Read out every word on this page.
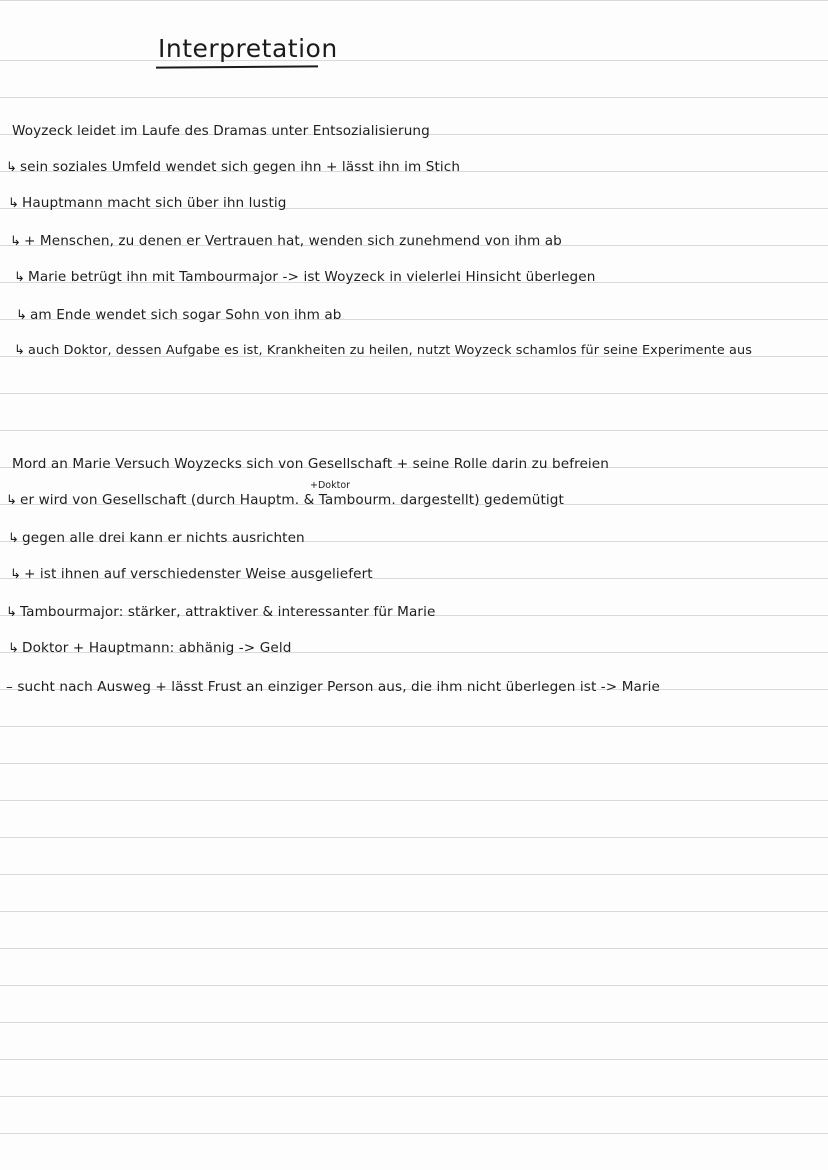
Interpretation
Woyzeck leidet im Laufe des Dramas unter Entsozialisierung
↳ sein soziales Umfeld wendet sich gegen ihn + lässt ihn im Stich
↳ Hauptmann macht sich über ihn lustig
↳ + Menschen, zu denen er Vertrauen hat, wenden sich zunehmend von ihm ab
↳ Marie betrügt ihn mit Tambourmajor -> ist Woyzeck in vielerlei Hinsicht überlegen
↳ am Ende wendet sich sogar Sohn von ihm ab
↳ auch Doktor, dessen Aufgabe es ist, Krankheiten zu heilen, nutzt Woyzeck schamlos für seine Experimente aus
Mord an Marie Versuch Woyzecks sich von Gesellschaft + seine Rolle darin zu befreien
+Doktor
↳ er wird von Gesellschaft (durch Hauptm. & Tambourm. dargestellt) gedemütigt
↳ gegen alle drei kann er nichts ausrichten
↳ + ist ihnen auf verschiedenster Weise ausgeliefert
↳ Tambourmajor: stärker, attraktiver & interessanter für Marie
↳ Doktor + Hauptmann: abhänig -> Geld
– sucht nach Ausweg + lässt Frust an einziger Person aus, die ihm nicht überlegen ist -> Marie
